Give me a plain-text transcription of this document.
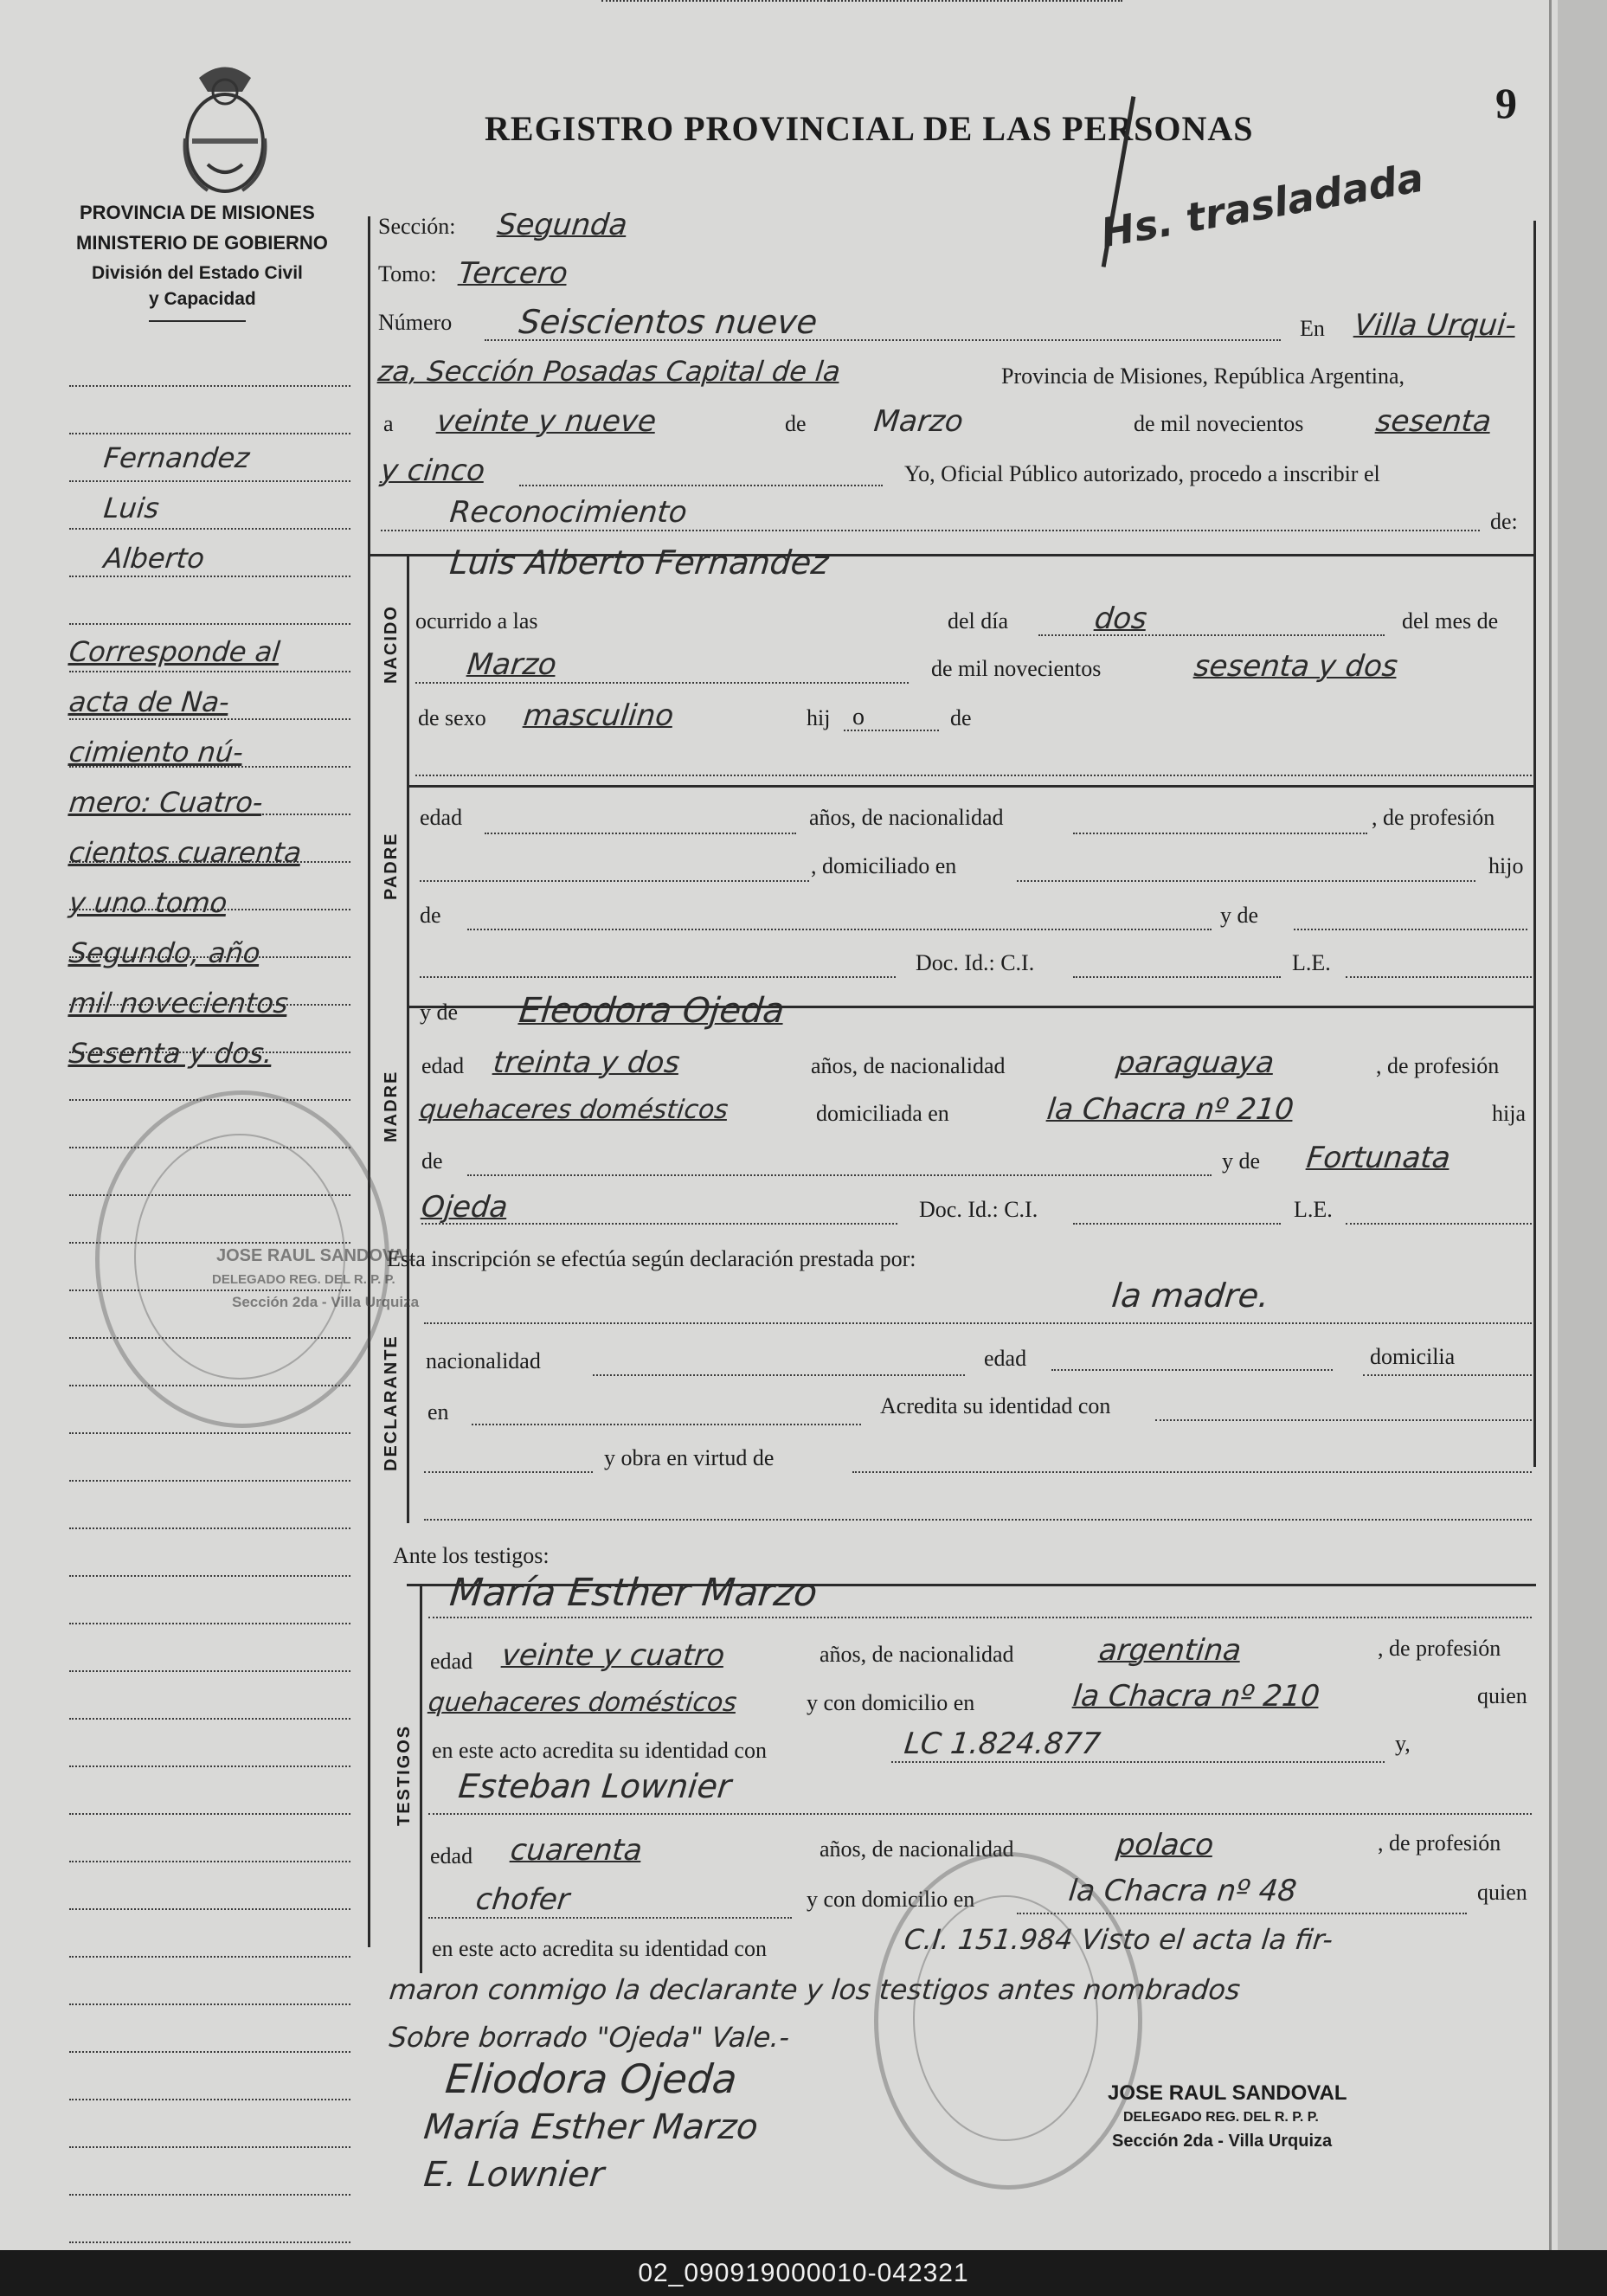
PROVINCIA DE MISIONES
MINISTERIO DE GOBIERNO
División del Estado Civil
y Capacidad
REGISTRO PROVINCIAL DE LAS PERSONAS
9
Hs. trasladada
Fernandez
Luis
Alberto
Corresponde al
acta de Na-
cimiento nú-
mero: Cuatro-
cientos cuarenta
y uno tomo
Segundo, año
mil novecientos
Sesenta y dos.
NACIDO
PADRE
MADRE
DECLARANTE
TESTIGOS
Sección: Segunda
Tomo: Tercero
Número Seiscientos nueve	En Villa Urqui-
za, Sección Posadas Capital de la	Provincia de Misiones, República Argentina,
a veinte y nueve	de Marzo	de mil novecientos sesenta
y cinco	Yo, Oficial Público autorizado, procedo a inscribir el
Reconocimiento	de:
Luis Alberto Fernandez
ocurrido a las	del día	dos	del mes de
Marzo	de mil novecientos	sesenta y dos
de sexo masculino	hij o	de
edad	años, de nacionalidad	, de profesión
, domiciliado en	hijo
de	y de
Doc. Id.: C.I.	L.E.
y de Eleodora Ojeda
edad treinta y dos	años, de nacionalidad	paraguaya	, de profesión
quehaceres domésticos	domiciliada en	la Chacra nº 210	hija
de	y de Fortunata
Ojeda	Doc. Id.: C.I.	L.E.
Esta inscripción se efectúa según declaración prestada por:
la madre.
nacionalidad	edad	domicilia
en	Acredita su identidad con
y obra en virtud de
Ante los testigos:
María Esther Marzo
edad veinte y cuatro	años, de nacionalidad	argentina	, de profesión
quehaceres domésticos	y con domicilio en	la Chacra nº 210	quien
en este acto acredita su identidad con	LC 1.824.877	y,
Esteban Lownier
edad cuarenta	años, de nacionalidad	polaco	, de profesión
chofer	y con domicilio en	la Chacra nº 48	quien
en este acto acredita su identidad con	C.I. 151.984 Visto el acta la fir-
maron conmigo la declarante y los testigos antes nombrados
Sobre borrado "Ojeda" Vale.-
Eliodora Ojeda
María Esther Marzo
E. Lownier
JOSE RAUL SANDOVAL
DELEGADO REG. DEL R. P. P.
Sección 2da - Villa Urquiza
JOSE RAUL SANDOVAL
DELEGADO REG. DEL R. P. P.
Sección 2da - Villa Urquiza
02_090919000010-042321
